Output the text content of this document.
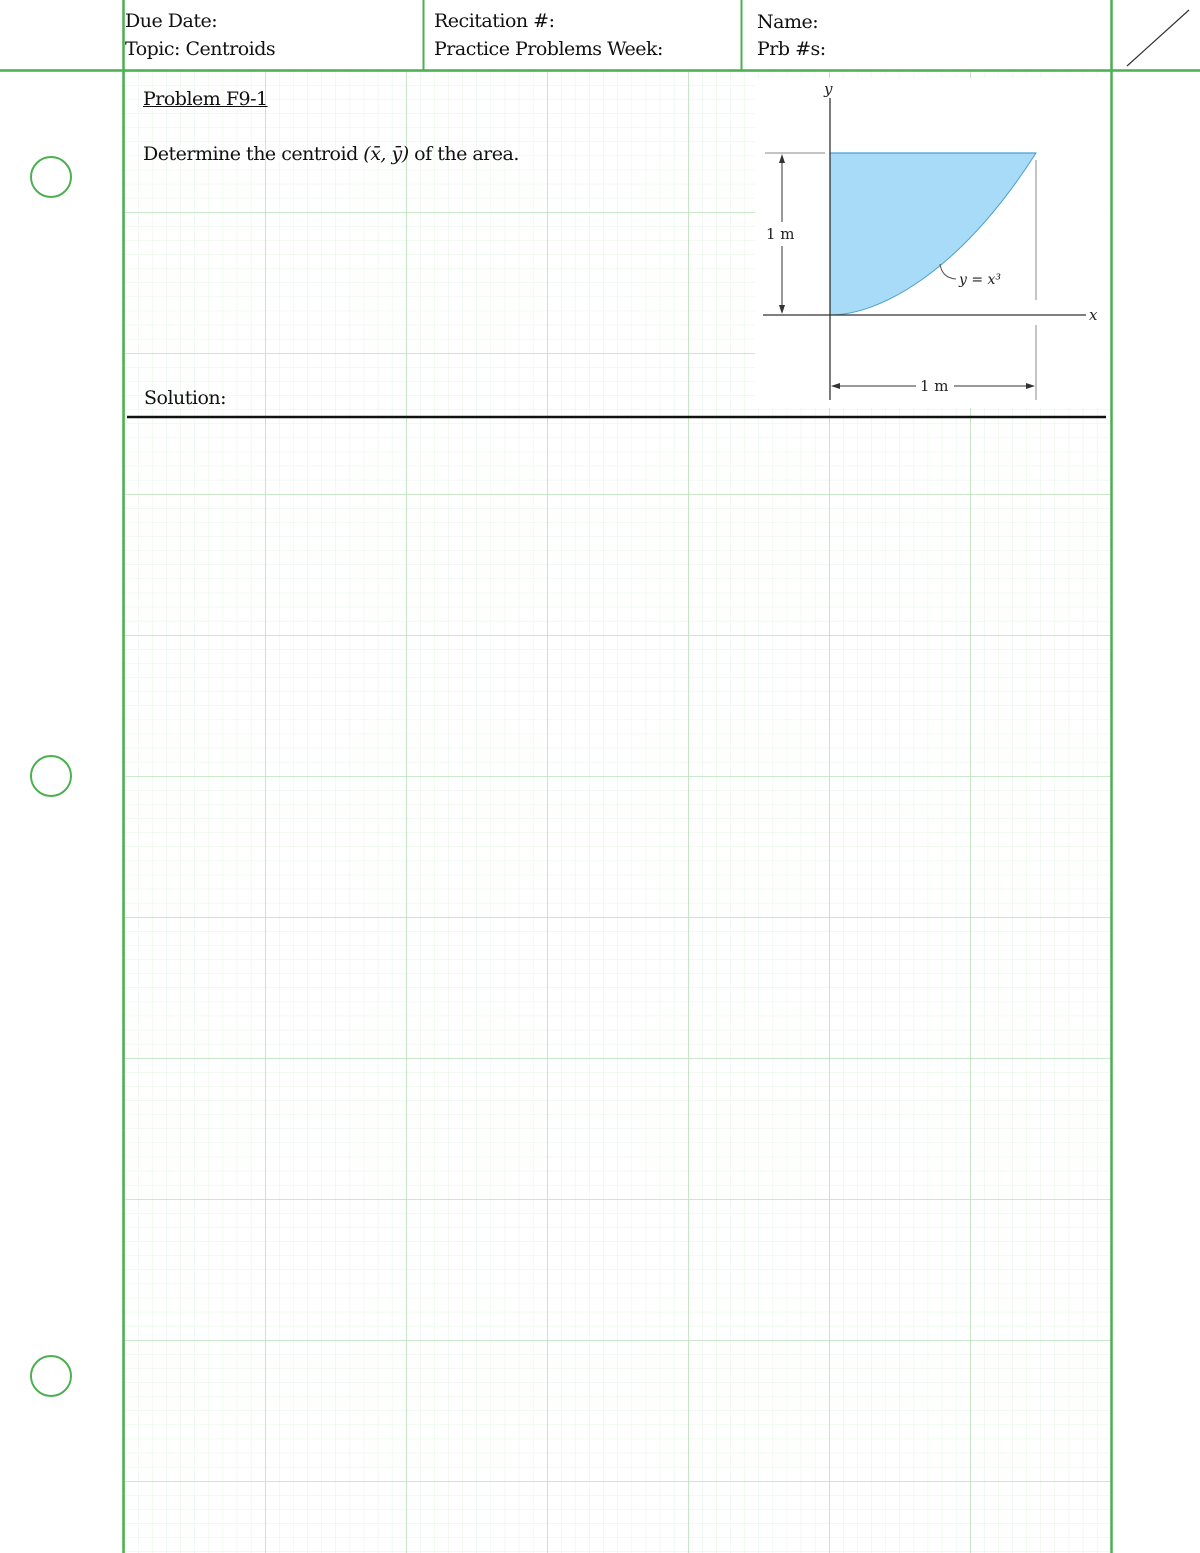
Due Date:
Topic: Centroids
Recitation #:
Practice Problems Week:
Name:
Prb #s:
Problem F9-1
Determine the centroid (x̄, ȳ) of the area.
Solution:
y
x
1 m
1 m
y = x³
